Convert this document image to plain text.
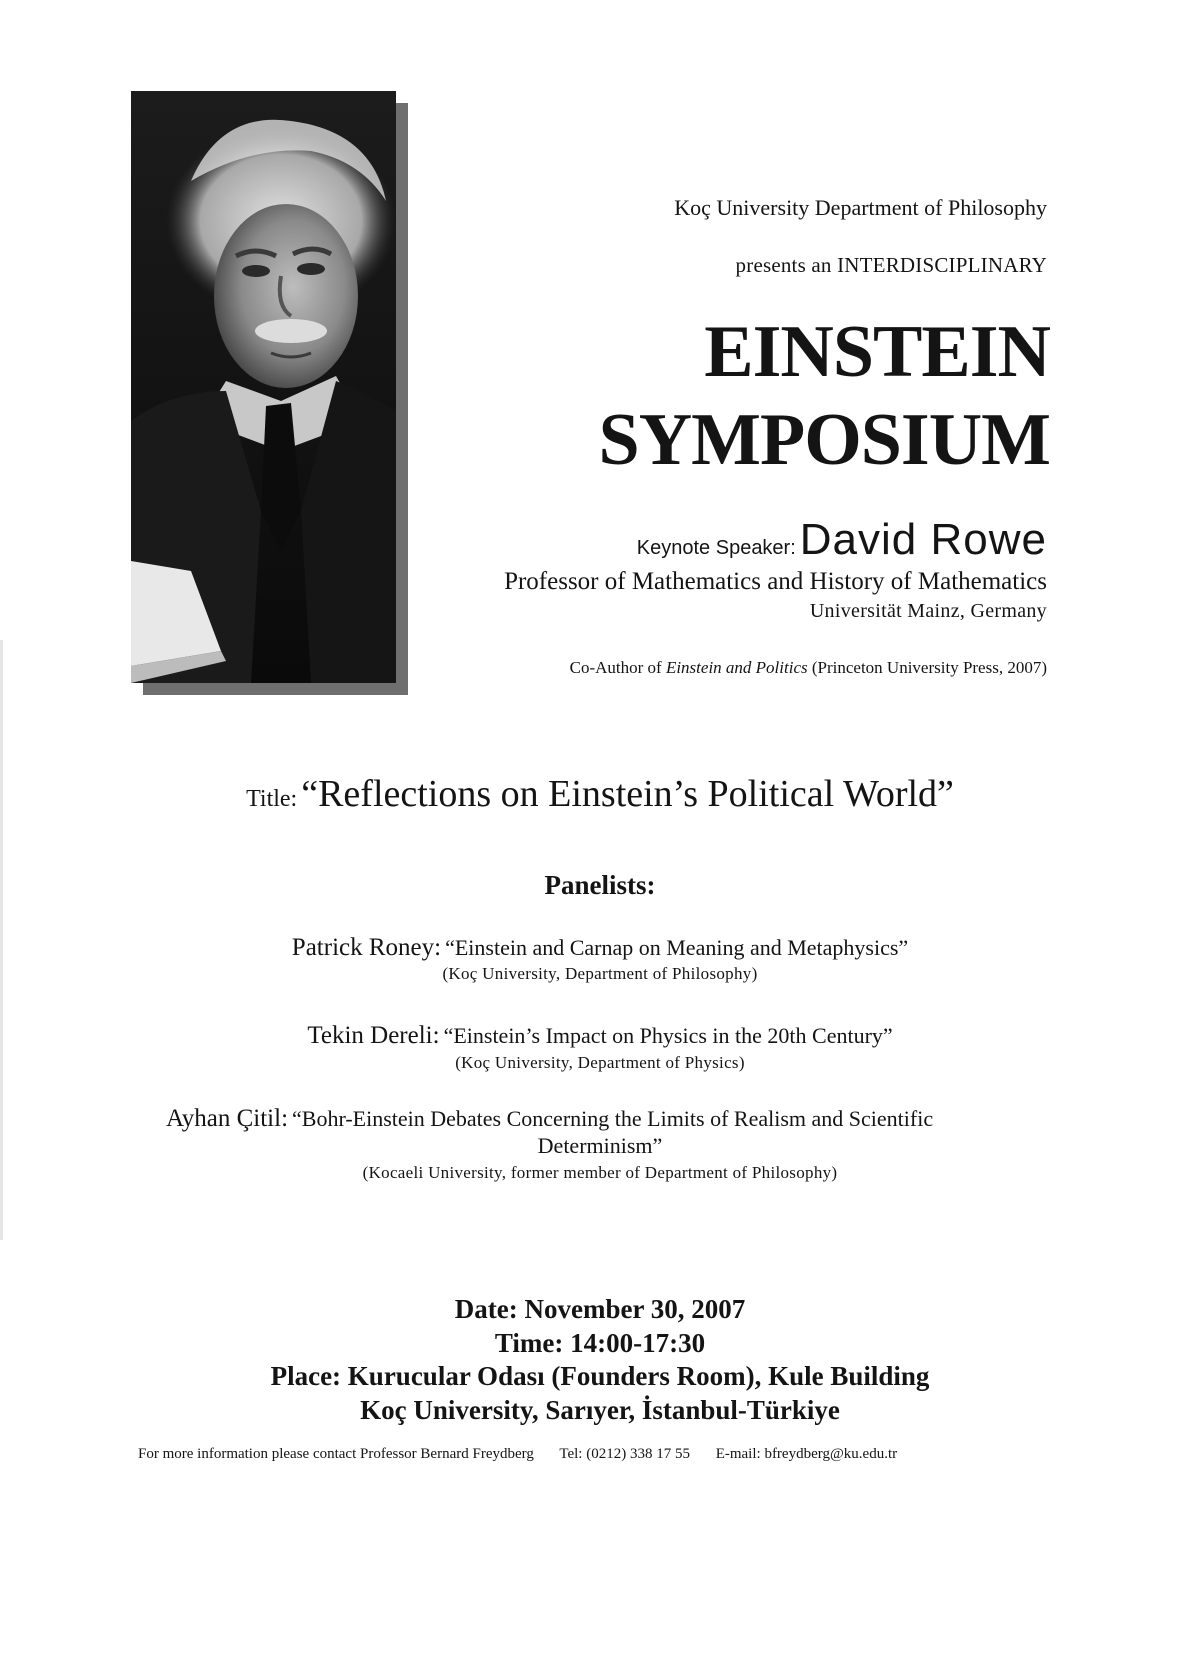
Koç University Department of Philosophy
presents an INTERDISCIPLINARY
EINSTEIN
SYMPOSIUM
Keynote Speaker: David Rowe
Professor of Mathematics and History of Mathematics
Universität Mainz, Germany
Co-Author of Einstein and Politics (Princeton University Press, 2007)
Title: “Reflections on Einstein’s Political World”
Panelists:
Patrick Roney: “Einstein and Carnap on Meaning and Metaphysics”
(Koç University, Department of Philosophy)
Tekin Dereli: “Einstein’s Impact on Physics in the 20th Century”
(Koç University, Department of Physics)
Ayhan Çitil: “Bohr-Einstein Debates Concerning the Limits of Realism and Scientific
Determinism”
(Kocaeli University, former member of Department of Philosophy)
Date: November 30, 2007
Time: 14:00-17:30
Place: Kurucular Odası (Founders Room), Kule Building
Koç University, Sarıyer, İstanbul-Türkiye
For more information please contact Professor Bernard Freydberg Tel: (0212) 338 17 55 E-mail: bfreydberg@ku.edu.tr
